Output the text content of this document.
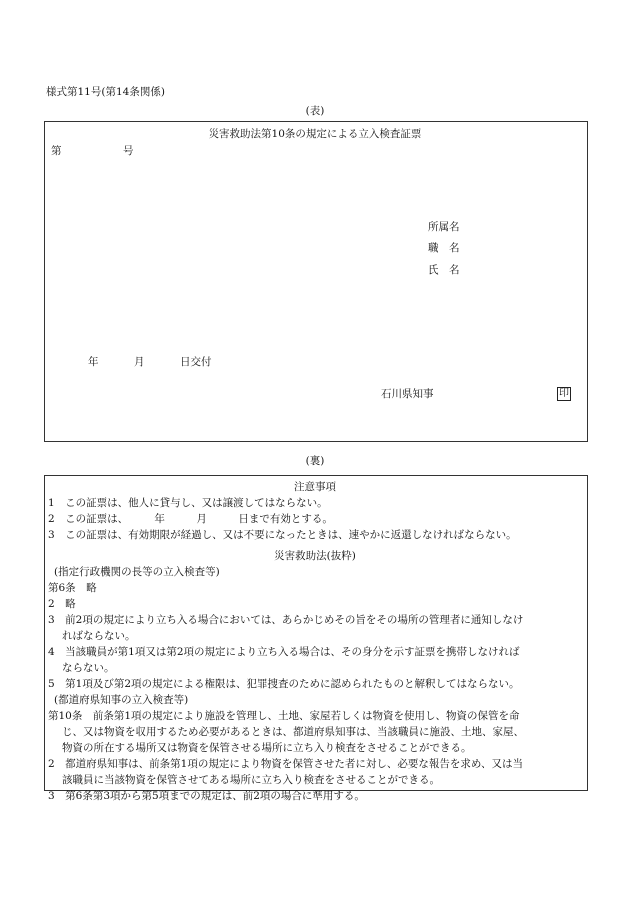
様式第11号(第14条関係)
(表)
災害救助法第10条の規定による立入検査証票
第	号
所属名
職　名
氏　名
年	月	日交付
石川県知事	印
(裏)
注意事項
1　この証票は、他人に貸与し、又は譲渡してはならない。
2　この証票は、　　　年　　　月　　　日まで有効とする。
3　この証票は、有効期限が経過し、又は不要になったときは、速やかに返還しなければならない。
災害救助法(抜粋)
(指定行政機関の長等の立入検査等)
第6条　略
2　略
3　前2項の規定により立ち入る場合においては、あらかじめその旨をその場所の管理者に通知しなけ
ればならない。
4　当該職員が第1項又は第2項の規定により立ち入る場合は、その身分を示す証票を携帯しなければ
ならない。
5　第1項及び第2項の規定による権限は、犯罪捜査のために認められたものと解釈してはならない。
(都道府県知事の立入検査等)
第10条　前条第1項の規定により施設を管理し、土地、家屋若しくは物資を使用し、物資の保管を命
じ、又は物資を収用するため必要があるときは、都道府県知事は、当該職員に施設、土地、家屋、
物資の所在する場所又は物資を保管させる場所に立ち入り検査をさせることができる。
2　都道府県知事は、前条第1項の規定により物資を保管させた者に対し、必要な報告を求め、又は当
該職員に当該物資を保管させてある場所に立ち入り検査をさせることができる。
3　第6条第3項から第5項までの規定は、前2項の場合に準用する。
